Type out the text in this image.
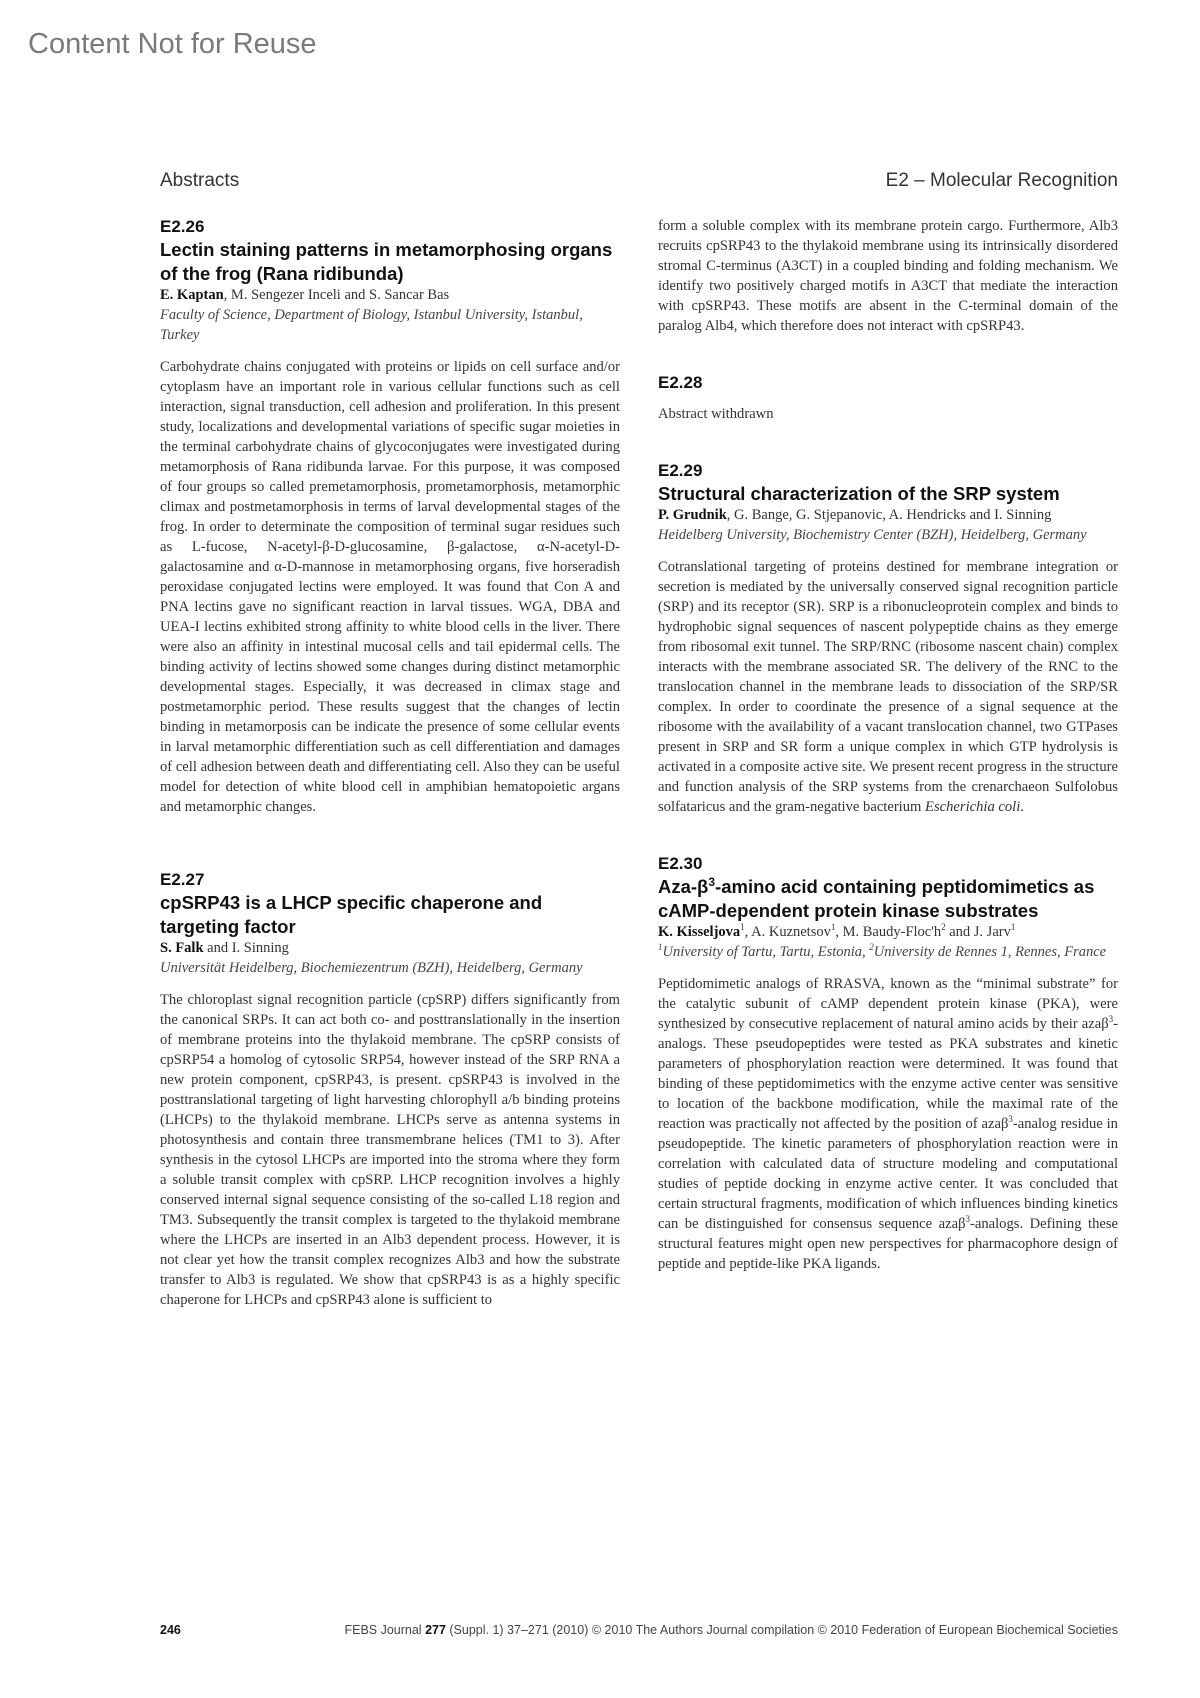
Content Not for Reuse
Abstracts	E2 – Molecular Recognition
E2.26
Lectin staining patterns in metamorphosing organs of the frog (Rana ridibunda)
E. Kaptan, M. Sengezer Inceli and S. Sancar Bas
Faculty of Science, Department of Biology, Istanbul University, Istanbul, Turkey
Carbohydrate chains conjugated with proteins or lipids on cell surface and/or cytoplasm have an important role in various cellular functions such as cell interaction, signal transduction, cell adhesion and proliferation. In this present study, localizations and developmental variations of specific sugar moieties in the terminal carbohydrate chains of glycoconjugates were investigated during metamorphosis of Rana ridibunda larvae. For this purpose, it was composed of four groups so called premetamorphosis, prometamorphosis, metamorphic climax and postmetamorphosis in terms of larval developmental stages of the frog. In order to determinate the composition of terminal sugar residues such as L-fucose, N-acetyl-β-D-glucosamine, β-galactose, α-N-acetyl-D-galactosamine and α-D-mannose in metamorphosing organs, five horseradish peroxidase conjugated lectins were employed. It was found that Con A and PNA lectins gave no significant reaction in larval tissues. WGA, DBA and UEA-I lectins exhibited strong affinity to white blood cells in the liver. There were also an affinity in intestinal mucosal cells and tail epidermal cells. The binding activity of lectins showed some changes during distinct metamorphic developmental stages. Especially, it was decreased in climax stage and postmetamorphic period. These results suggest that the changes of lectin binding in metamorposis can be indicate the presence of some cellular events in larval metamorphic differentiation such as cell differentiation and damages of cell adhesion between death and differentiating cell. Also they can be useful model for detection of white blood cell in amphibian hematopoietic argans and metamorphic changes.
E2.27
cpSRP43 is a LHCP specific chaperone and targeting factor
S. Falk and I. Sinning
Universität Heidelberg, Biochemiezentrum (BZH), Heidelberg, Germany
The chloroplast signal recognition particle (cpSRP) differs significantly from the canonical SRPs. It can act both co- and posttranslationally in the insertion of membrane proteins into the thylakoid membrane. The cpSRP consists of cpSRP54 a homolog of cytosolic SRP54, however instead of the SRP RNA a new protein component, cpSRP43, is present. cpSRP43 is involved in the posttranslational targeting of light harvesting chlorophyll a/b binding proteins (LHCPs) to the thylakoid membrane. LHCPs serve as antenna systems in photosynthesis and contain three transmembrane helices (TM1 to 3). After synthesis in the cytosol LHCPs are imported into the stroma where they form a soluble transit complex with cpSRP. LHCP recognition involves a highly conserved internal signal sequence consisting of the so-called L18 region and TM3. Subsequently the transit complex is targeted to the thylakoid membrane where the LHCPs are inserted in an Alb3 dependent process. However, it is not clear yet how the transit complex recognizes Alb3 and how the substrate transfer to Alb3 is regulated. We show that cpSRP43 is as a highly specific chaperone for LHCPs and cpSRP43 alone is sufficient to
form a soluble complex with its membrane protein cargo. Furthermore, Alb3 recruits cpSRP43 to the thylakoid membrane using its intrinsically disordered stromal C-terminus (A3CT) in a coupled binding and folding mechanism. We identify two positively charged motifs in A3CT that mediate the interaction with cpSRP43. These motifs are absent in the C-terminal domain of the paralog Alb4, which therefore does not interact with cpSRP43.
E2.28
Abstract withdrawn
E2.29
Structural characterization of the SRP system
P. Grudnik, G. Bange, G. Stjepanovic, A. Hendricks and I. Sinning
Heidelberg University, Biochemistry Center (BZH), Heidelberg, Germany
Cotranslational targeting of proteins destined for membrane integration or secretion is mediated by the universally conserved signal recognition particle (SRP) and its receptor (SR). SRP is a ribonucleoprotein complex and binds to hydrophobic signal sequences of nascent polypeptide chains as they emerge from ribosomal exit tunnel. The SRP/RNC (ribosome nascent chain) complex interacts with the membrane associated SR. The delivery of the RNC to the translocation channel in the membrane leads to dissociation of the SRP/SR complex. In order to coordinate the presence of a signal sequence at the ribosome with the availability of a vacant translocation channel, two GTPases present in SRP and SR form a unique complex in which GTP hydrolysis is activated in a composite active site. We present recent progress in the structure and function analysis of the SRP systems from the crenarchaeon Sulfolobus solfataricus and the gram-negative bacterium Escherichia coli.
E2.30
Aza-$\beta^3$-amino acid containing peptidomimetics as cAMP-dependent protein kinase substrates
K. Kisseljova$^1$, A. Kuznetsov$^1$, M. Baudy-$Floc'h^2$ and J. Jarv$^1$
$^1$University of Tartu, Tartu, Estonia, $^2$University de Rennes 1, Rennes, France
Peptidomimetic analogs of RRASVA, known as the “minimal substrate” for the catalytic subunit of cAMP dependent protein kinase (PKA), were synthesized by consecutive replacement of natural amino acids by their azaβ$^3$-analogs. These pseudopeptides were tested as PKA substrates and kinetic parameters of phosphorylation reaction were determined. It was found that binding of these peptidomimetics with the enzyme active center was sensitive to location of the backbone modification, while the maximal rate of the reaction was practically not affected by the position of azaβ$^3$-analog residue in pseudopeptide. The kinetic parameters of phosphorylation reaction were in correlation with calculated data of structure modeling and computational studies of peptide docking in enzyme active center. It was concluded that certain structural fragments, modification of which influences binding kinetics can be distinguished for consensus sequence azaβ$^3$-analogs. Defining these structural features might open new perspectives for pharmacophore design of peptide and peptide-like PKA ligands.
246	FEBS Journal 277 (Suppl. 1) 37–271 (2010) © 2010 The Authors Journal compilation © 2010 Federation of European Biochemical Societies
